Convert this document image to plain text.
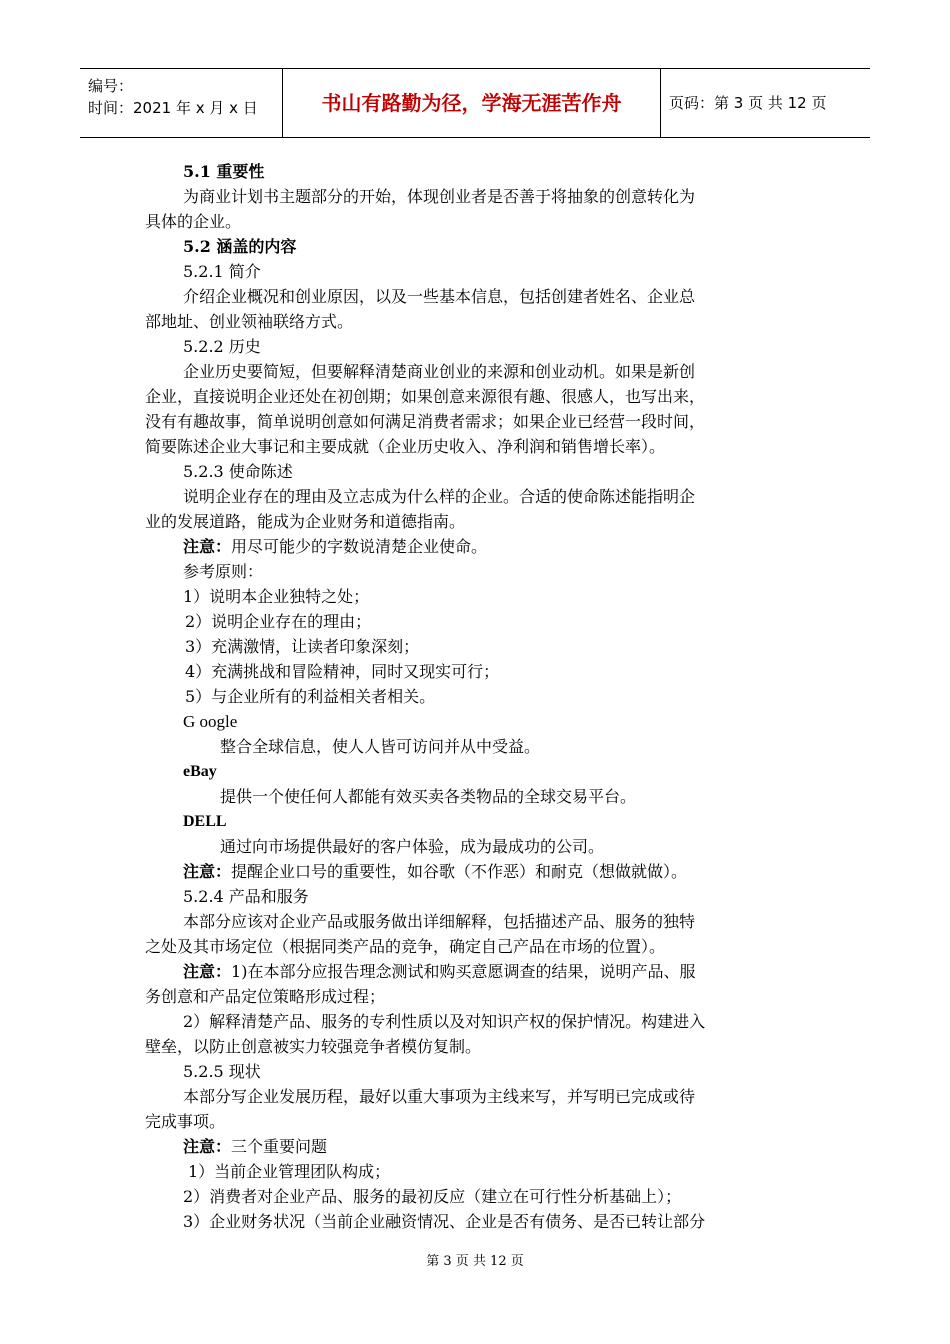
编号：
时间：2021 年 x 月 x 日	书山有路勤为径，学海无涯苦作舟	页码：第 3 页 共 12 页
5.1 重要性
为商业计划书主题部分的开始，体现创业者是否善于将抽象的创意转化为
具体的企业。
5.2 涵盖的内容
5.2.1 简介
介绍企业概况和创业原因，以及一些基本信息，包括创建者姓名、企业总
部地址、创业领袖联络方式。
5.2.2 历史
企业历史要简短，但要解释清楚商业创业的来源和创业动机。如果是新创
企业，直接说明企业还处在初创期；如果创意来源很有趣、很感人，也写出来，
没有有趣故事，简单说明创意如何满足消费者需求；如果企业已经营一段时间，
简要陈述企业大事记和主要成就（企业历史收入、净利润和销售增长率）。
5.2.3 使命陈述
说明企业存在的理由及立志成为什么样的企业。合适的使命陈述能指明企
业的发展道路，能成为企业财务和道德指南。
注意：用尽可能少的字数说清楚企业使命。
参考原则：
1）说明本企业独特之处；
2）说明企业存在的理由；
3）充满激情，让读者印象深刻；
4）充满挑战和冒险精神，同时又现实可行；
5）与企业所有的利益相关者相关。
G oogle
整合全球信息，使人人皆可访问并从中受益。
eBay
提供一个使任何人都能有效买卖各类物品的全球交易平台。
DELL
通过向市场提供最好的客户体验，成为最成功的公司。
注意：提醒企业口号的重要性，如谷歌（不作恶）和耐克（想做就做）。
5.2.4 产品和服务
本部分应该对企业产品或服务做出详细解释，包括描述产品、服务的独特
之处及其市场定位（根据同类产品的竞争，确定自己产品在市场的位置）。
注意：1)在本部分应报告理念测试和购买意愿调查的结果，说明产品、服
务创意和产品定位策略形成过程；
2）解释清楚产品、服务的专利性质以及对知识产权的保护情况。构建进入
壁垒，以防止创意被实力较强竞争者模仿复制。
5.2.5 现状
本部分写企业发展历程，最好以重大事项为主线来写，并写明已完成或待
完成事项。
注意：三个重要问题
1）当前企业管理团队构成；
2）消费者对企业产品、服务的最初反应（建立在可行性分析基础上）；
3）企业财务状况（当前企业融资情况、企业是否有债务、是否已转让部分
第 3 页 共 12 页
